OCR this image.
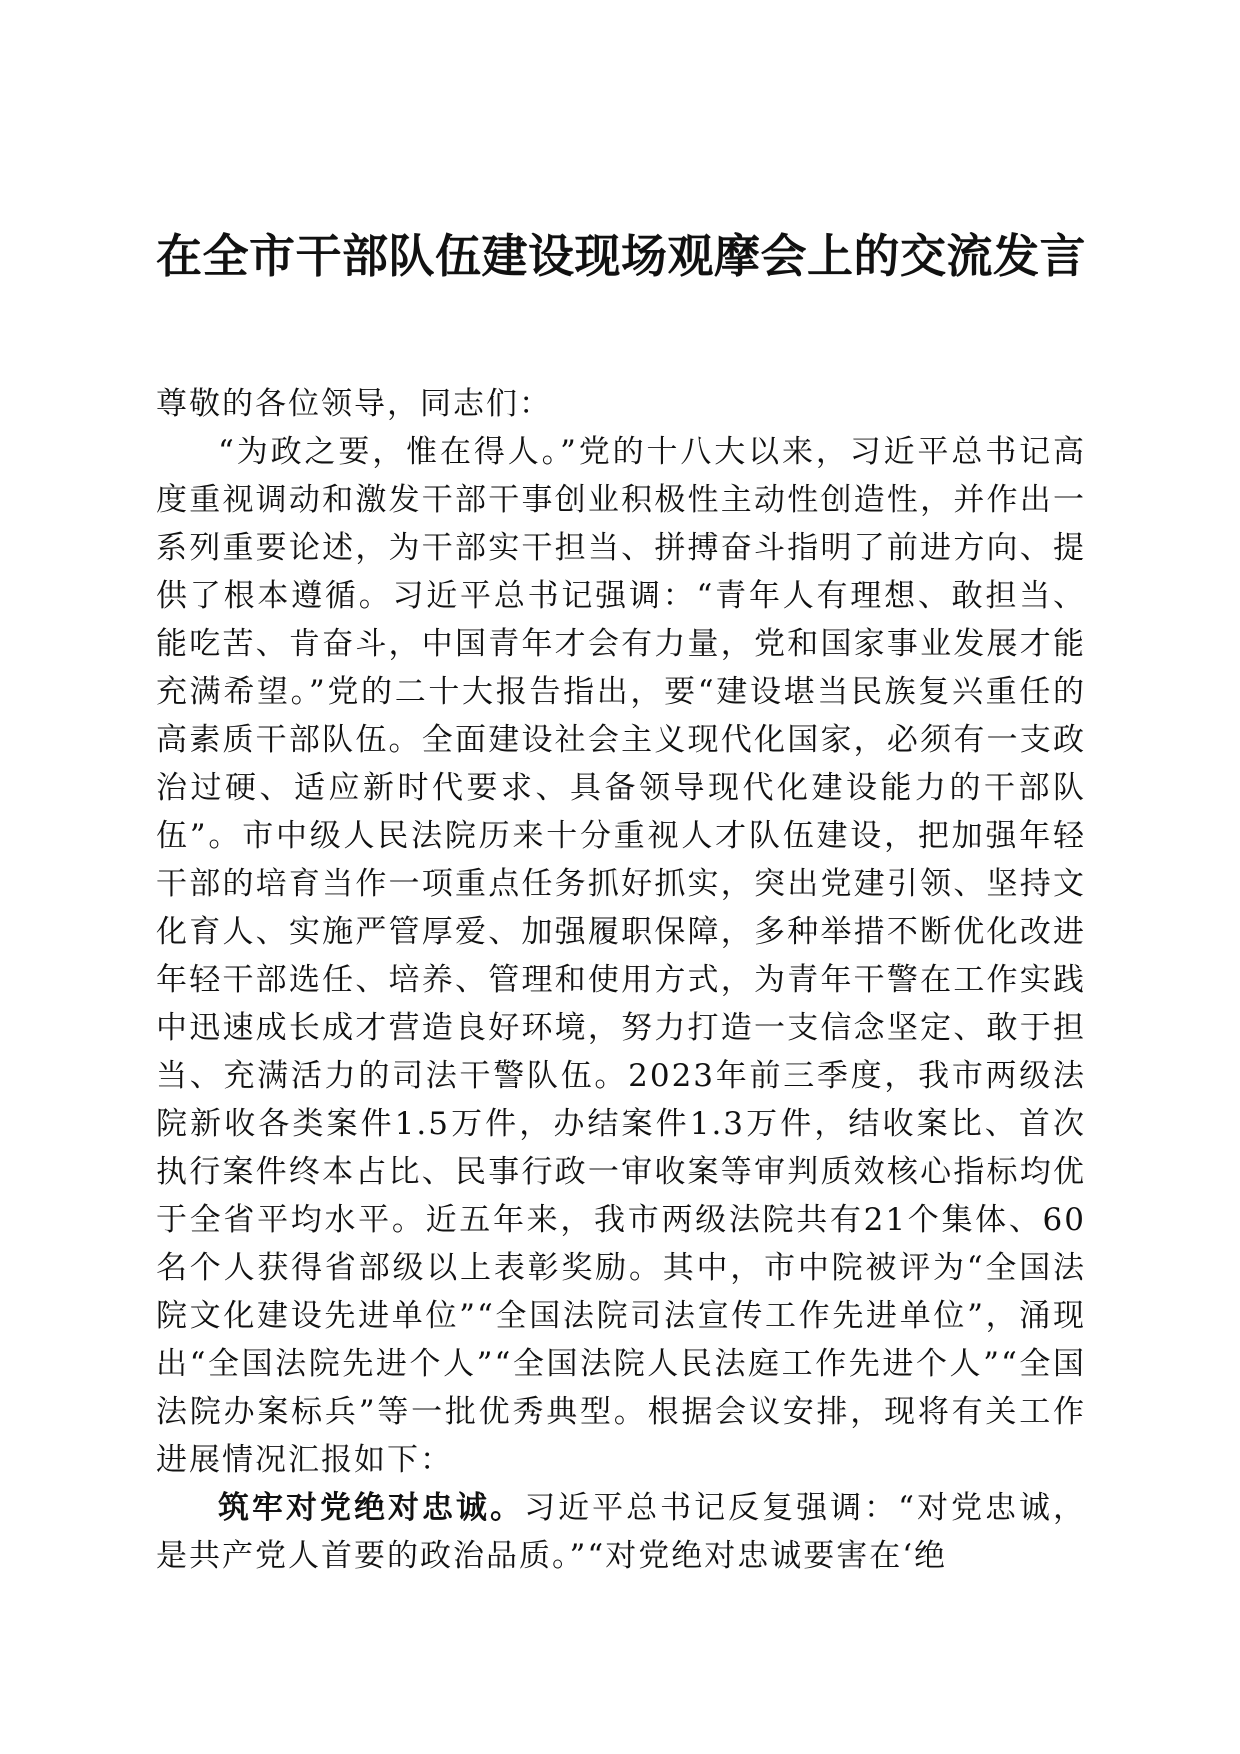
在全市干部队伍建设现场观摩会上的交流发言

尊敬的各位领导，同志们：

“为政之要，惟在得人。”党的十八大以来，习近平总书记高度重视调动和激发干部干事创业积极性主动性创造性，并作出一系列重要论述，为干部实干担当、拼搏奋斗指明了前进方向、提供了根本遵循。习近平总书记强调：“青年人有理想、敢担当、能吃苦、肯奋斗，中国青年才会有力量，党和国家事业发展才能充满希望。”党的二十大报告指出，要“建设堪当民族复兴重任的高素质干部队伍。全面建设社会主义现代化国家，必须有一支政治过硬、适应新时代要求、具备领导现代化建设能力的干部队伍”。市中级人民法院历来十分重视人才队伍建设，把加强年轻干部的培育当作一项重点任务抓好抓实，突出党建引领、坚持文化育人、实施严管厚爱、加强履职保障，多种举措不断优化改进年轻干部选任、培养、管理和使用方式，为青年干警在工作实践中迅速成长成才营造良好环境，努力打造一支信念坚定、敢于担当、充满活力的司法干警队伍。2023年前三季度，我市两级法院新收各类案件1.5万件，办结案件1.3万件，结收案比、首次执行案件终本占比、民事行政一审收案等审判质效核心指标均优于全省平均水平。近五年来，我市两级法院共有21个集体、60名个人获得省部级以上表彰奖励。其中，市中院被评为“全国法院文化建设先进单位”“全国法院司法宣传工作先进单位”，涌现出“全国法院先进个人”“全国法院人民法庭工作先进个人”“全国法院办案标兵”等一批优秀典型。根据会议安排，现将有关工作进展情况汇报如下：

筑牢对党绝对忠诚。习近平总书记反复强调：“对党忠诚，是共产党人首要的政治品质。”“对党绝对忠诚要害在‘绝
